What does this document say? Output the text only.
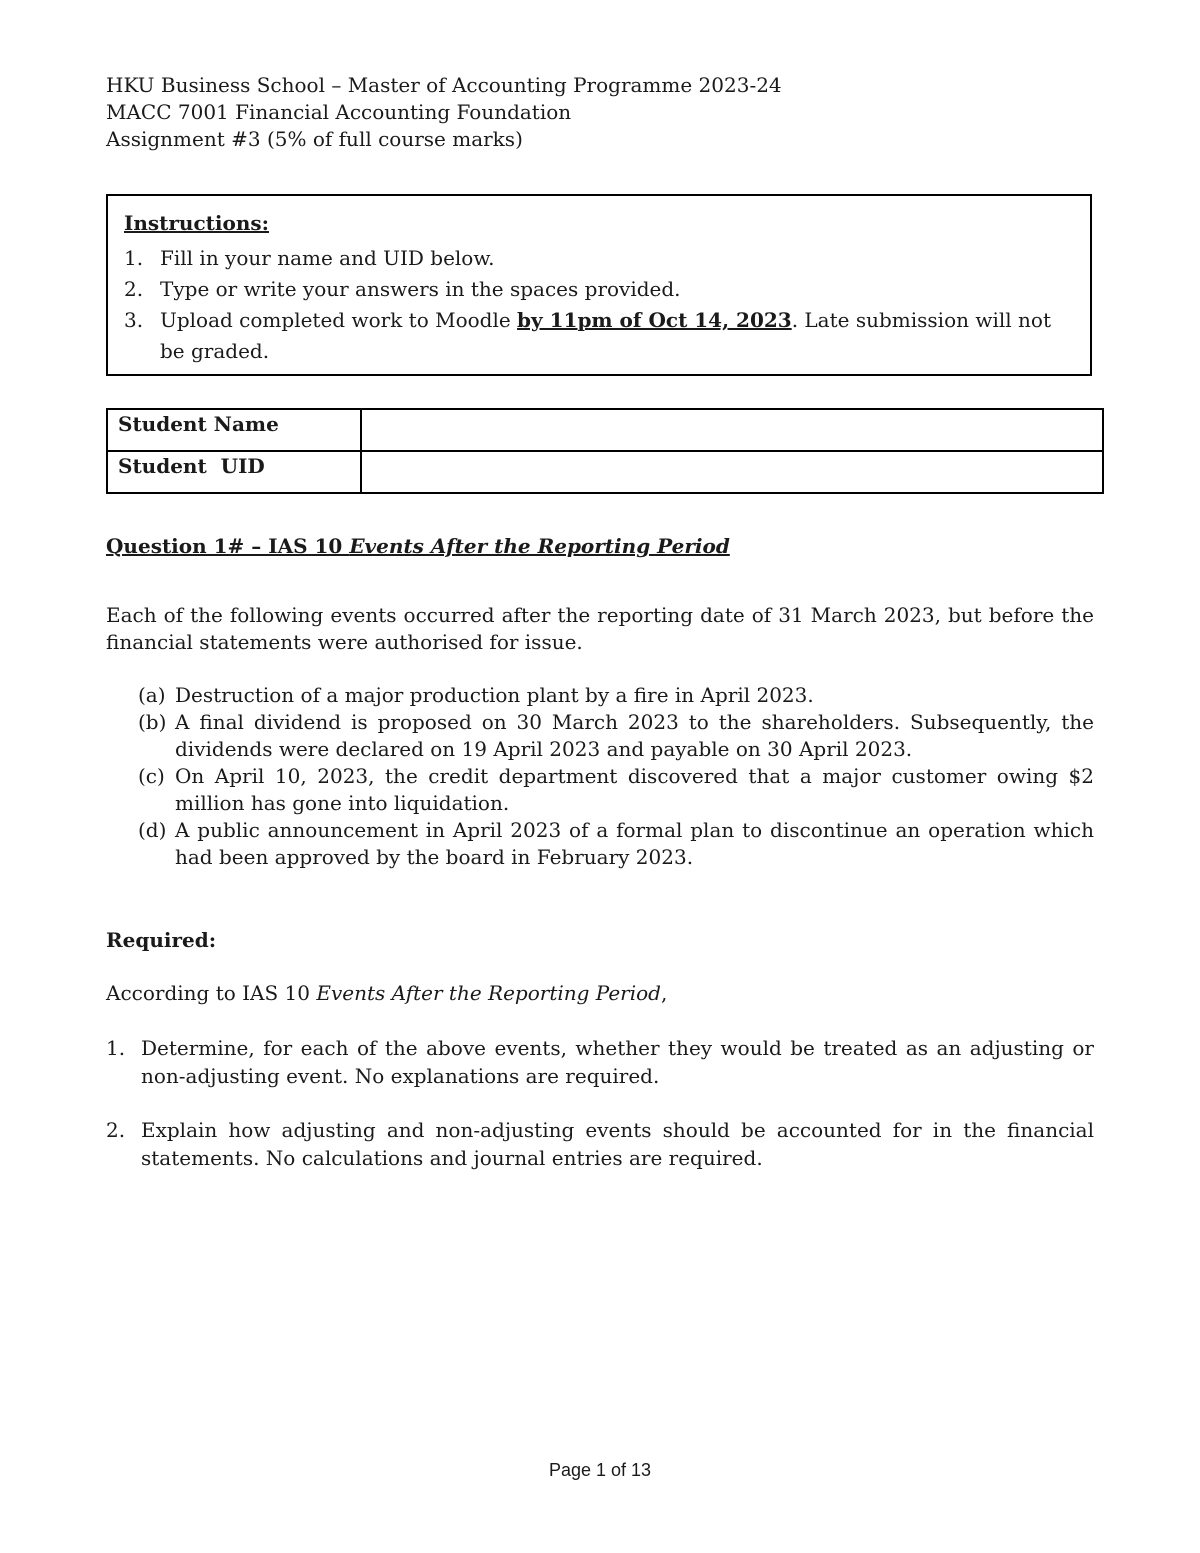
HKU Business School – Master of Accounting Programme 2023-24
MACC 7001 Financial Accounting Foundation
Assignment #3 (5% of full course marks)
Instructions:
1. Fill in your name and UID below.
2. Type or write your answers in the spaces provided.
3. Upload completed work to Moodle by 11pm of Oct 14, 2023. Late submission will not be graded.
Student Name	
Student  UID	
Question 1# – IAS 10 Events After the Reporting Period
Each of the following events occurred after the reporting date of 31 March 2023, but before the financial statements were authorised for issue.
(a) Destruction of a major production plant by a fire in April 2023.
(b) A final dividend is proposed on 30 March 2023 to the shareholders. Subsequently, the dividends were declared on 19 April 2023 and payable on 30 April 2023.
(c) On April 10, 2023, the credit department discovered that a major customer owing $2 million has gone into liquidation.
(d) A public announcement in April 2023 of a formal plan to discontinue an operation which had been approved by the board in February 2023.
Required:
According to IAS 10 Events After the Reporting Period,
1. Determine, for each of the above events, whether they would be treated as an adjusting or non-adjusting event. No explanations are required.
2. Explain how adjusting and non-adjusting events should be accounted for in the financial statements. No calculations and journal entries are required.
Page 1 of 13
